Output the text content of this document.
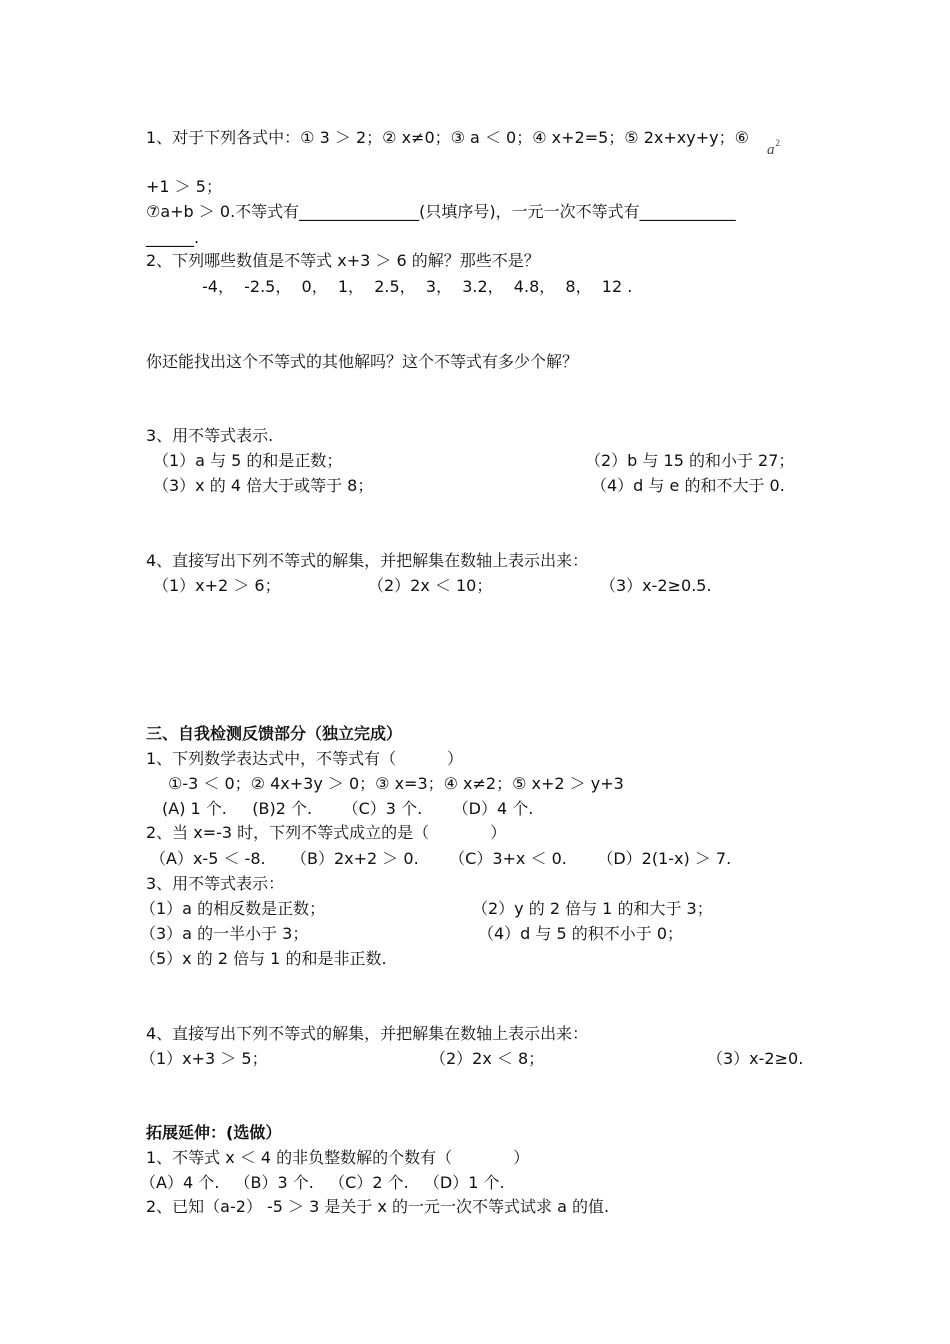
1、对于下列各式中：① 3 ＞ 2；② x≠0；③ a ＜ 0；④ x+2=5；⑤ 2x+xy+y；⑥
$a^2$
+1 ＞ 5；
⑦a+b ＞ 0.不等式有_______________(只填序号)，一元一次不等式有____________
______.
2、下列哪些数值是不等式 x+3 ＞ 6 的解？那些不是？
-4，  -2.5，  0，  1，  2.5，  3，  3.2，  4.8，  8，  12 .
你还能找出这个不等式的其他解吗？这个不等式有多少个解？
3、用不等式表示.
（1）a 与 5 的和是正数；	（2）b 与 15 的和小于 27；
（3）x 的 4 倍大于或等于 8；	（4）d 与 e 的和不大于 0.
4、直接写出下列不等式的解集，并把解集在数轴上表示出来：
（1）x+2 ＞ 6；	（2）2x ＜ 10；	（3）x-2≥0.5.
三、自我检测反馈部分（独立完成）
1、下列数学表达式中，不等式有（          ）
①-3 ＜ 0；② 4x+3y ＞ 0；③ x=3；④ x≠2；⑤ x+2 ＞ y+3
(A) 1 个.     (B)2 个.      （C）3 个.      （D）4 个.
2、当 x=-3 时，下列不等式成立的是（            ）
（A）x-5 ＜ -8.     （B）2x+2 ＞ 0.      （C）3+x ＜ 0.      （D）2(1-x) ＞ 7.
3、用不等式表示：
（1）a 的相反数是正数；	（2）y 的 2 倍与 1 的和大于 3；
（3）a 的一半小于 3；	（4）d 与 5 的积不小于 0；
（5）x 的 2 倍与 1 的和是非正数.
4、直接写出下列不等式的解集，并把解集在数轴上表示出来：
（1）x+3 ＞ 5；	（2）2x ＜ 8；	（3）x-2≥0.
拓展延伸：(选做）
1、不等式 x ＜ 4 的非负整数解的个数有（            ）
（A）4 个.   （B）3 个.   （C）2 个.   （D）1 个.
2、已知（a-2） -5 ＞ 3 是关于 x 的一元一次不等式试求 a 的值.
